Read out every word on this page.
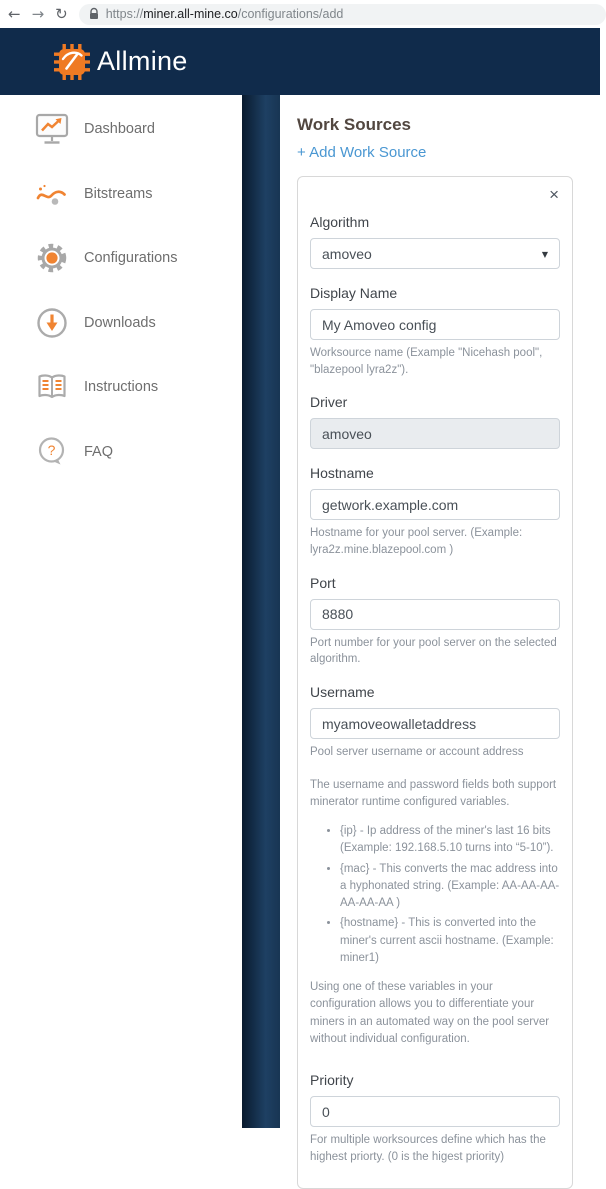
← → ↻	https://miner.all-mine.co/configurations/add
Allmine
Dashboard
Bitstreams
Configurations
Downloads
Instructions
? FAQ
Work Sources
+ Add Work Source
×
Algorithm
amoveo	▼
Display Name
My Amoveo config
Worksource name (Example "Nicehash pool", "blazepool lyra2z").
Driver
amoveo
Hostname
getwork.example.com
Hostname for your pool server. (Example: lyra2z.mine.blazepool.com )
Port
8880
Port number for your pool server on the selected algorithm.
Username
myamoveowalletaddress
Pool server username or account address

The username and password fields both support minerator runtime configured variables.

• {ip} - Ip address of the miner's last 16 bits (Example: 192.168.5.10 turns into “5-10”).
• {mac} - This converts the mac address into a hyphonated string. (Example: AA-AA-AA-AA-AA-AA )
• {hostname} - This is converted into the miner's current ascii hostname. (Example: miner1)

Using one of these variables in your configuration allows you to differentiate your miners in an automated way on the pool server without individual configuration.

Priority
0
For multiple worksources define which has the highest priorty. (0 is the higest priority)
